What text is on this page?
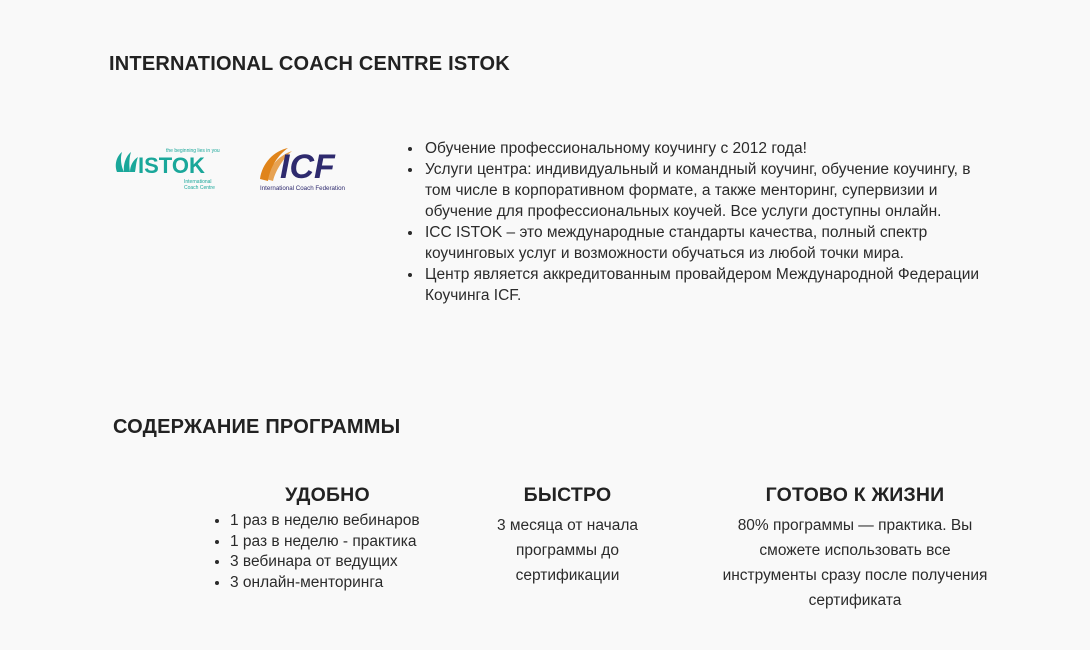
INTERNATIONAL COACH CENTRE ISTOK
the beginning lies in you
ISTOK
International
Coach Centre
ICF
International Coach Federation
• Обучение профессиональному коучингу с 2012 года!
• Услуги центра: индивидуальный и командный коучинг, обучение коучингу, в том числе в корпоративном формате, а также менторинг, супервизии и обучение для профессиональных коучей. Все услуги доступны онлайн.
• ICC ISTOK – это международные стандарты качества, полный спектр коучинговых услуг и возможности обучаться из любой точки мира.
• Центр является аккредитованным провайдером Международной Федерации Коучинга ICF.
СОДЕРЖАНИЕ ПРОГРАММЫ
УДОБНО
• 1 раз в неделю вебинаров
• 1 раз в неделю - практика
• 3 вебинара от ведущих
• 3 онлайн-менторинга
БЫСТРО

3 месяца от начала программы до сертификации

ГОТОВО К ЖИЗНИ

80% программы — практика. Вы сможете использовать все инструменты сразу после получения сертификата
